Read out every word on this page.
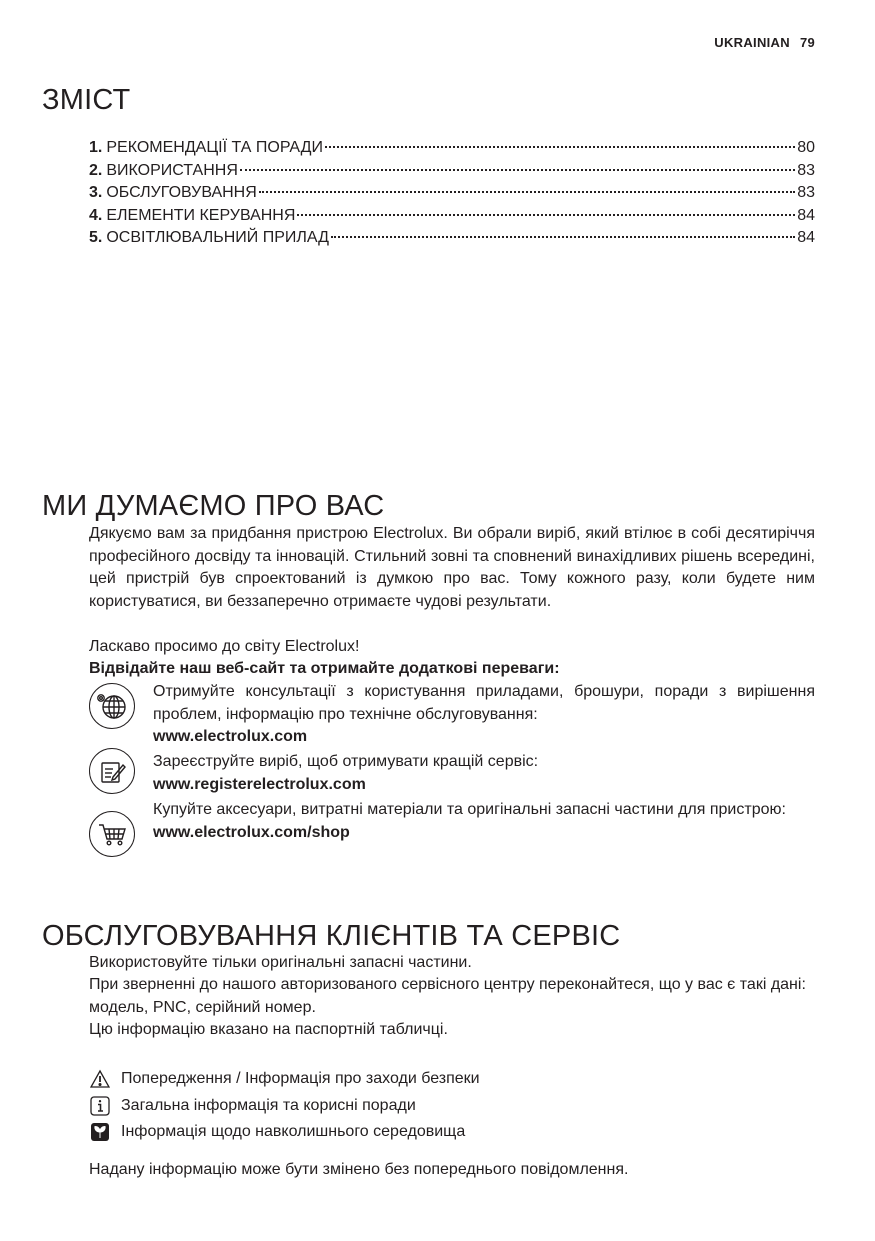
UKRAINIAN 79
ЗМІСТ
1. РЕКОМЕНДАЦІЇ ТА ПОРАДИ	80
2. ВИКОРИСТАННЯ	83
3. ОБСЛУГОВУВАННЯ	83
4. ЕЛЕМЕНТИ КЕРУВАННЯ	84
5. ОСВІТЛЮВАЛЬНИЙ ПРИЛАД	84
МИ ДУМАЄМО ПРО ВАС

Дякуємо вам за придбання пристрою Electrolux. Ви обрали виріб, який втілює в собі десятиріччя професійного досвіду та інновацій. Стильний зовні та сповнений винахідливих рішень всередині, цей пристрій був спроектований із думкою про вас. Тому кожного разу, коли будете ним користуватися, ви беззаперечно отримаєте чудові результати.

Ласкаво просимо до світу Electrolux!

Відвідайте наш веб-сайт та отримайте додаткові переваги:

Отримуйте консультації з користування приладами, брошури, поради з вирішення проблем, інформацію про технічне обслуговування:
www.electrolux.com
Зареєструйте виріб, щоб отримувати кращій сервіс:
www.registerelectrolux.com
Купуйте аксесуари, витратні матеріали та оригінальні запасні частини для пристрою:
www.electrolux.com/shop
ОБСЛУГОВУВАННЯ КЛІЄНТІВ ТА СЕРВІС

Використовуйте тільки оригінальні запасні частини.

При зверненні до нашого авторизованого сервісного центру переконайтеся, що у вас є такі дані: модель, PNC, серійний номер.

Цю інформацію вказано на паспортній табличці.

Попередження / Інформація про заходи безпеки
Загальна інформація та корисні поради
Інформація щодо навколишнього середовища

Надану інформацію може бути змінено без попереднього повідомлення.
